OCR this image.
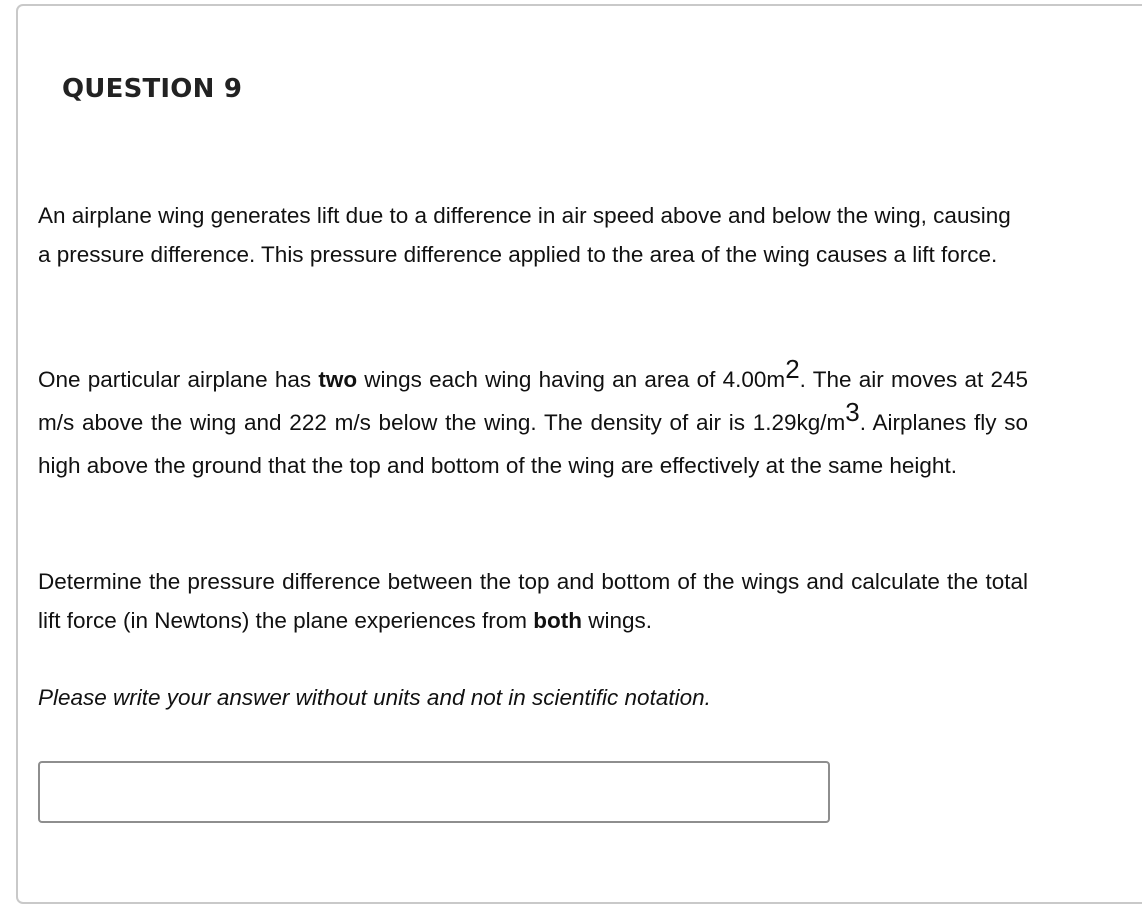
QUESTION 9

An airplane wing generates lift due to a difference in air speed above and below the wing, causing a pressure difference. This pressure difference applied to the area of the wing causes a lift force.

One particular airplane has two wings each wing having an area of $4.00m^2$. The air moves at 245 m/s above the wing and 222 m/s below the wing. The density of air is $1.29kg/m^3$. Airplanes fly so high above the ground that the top and bottom of the wing are effectively at the same height.

Determine the pressure difference between the top and bottom of the wings and calculate the total lift force (in Newtons) the plane experiences from both wings.

Please write your answer without units and not in scientific notation.
